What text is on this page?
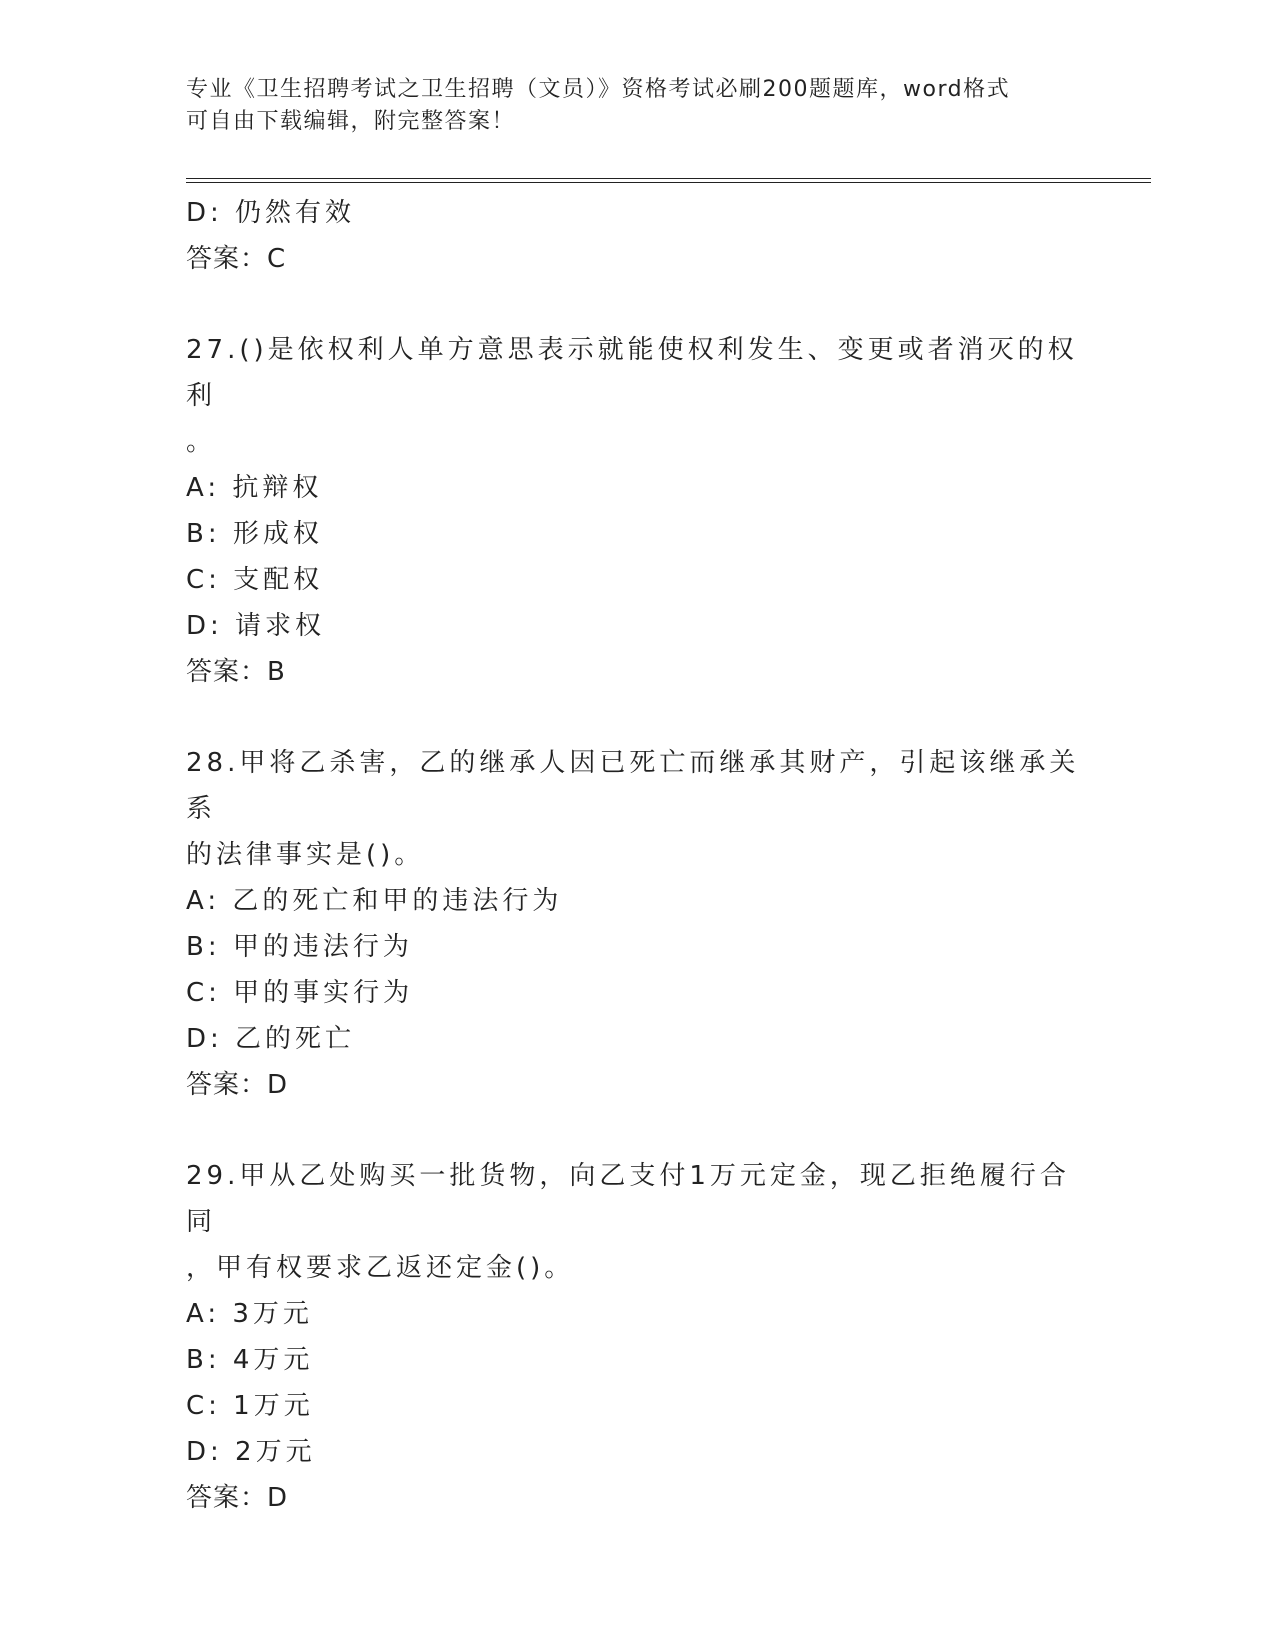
专业《卫生招聘考试之卫生招聘（文员）》资格考试必刷200题题库，word格式
可自由下载编辑，附完整答案！
D: 仍然有效
答案：C
27.()是依权利人单方意思表示就能使权利发生、变更或者消灭的权利
。
A: 抗辩权
B: 形成权
C: 支配权
D: 请求权
答案：B
28.甲将乙杀害，乙的继承人因已死亡而继承其财产，引起该继承关系
的法律事实是()。
A: 乙的死亡和甲的违法行为
B: 甲的违法行为
C: 甲的事实行为
D: 乙的死亡
答案：D
29.甲从乙处购买一批货物，向乙支付1万元定金，现乙拒绝履行合同
，甲有权要求乙返还定金()。
A: 3万元
B: 4万元
C: 1万元
D: 2万元
答案：D
